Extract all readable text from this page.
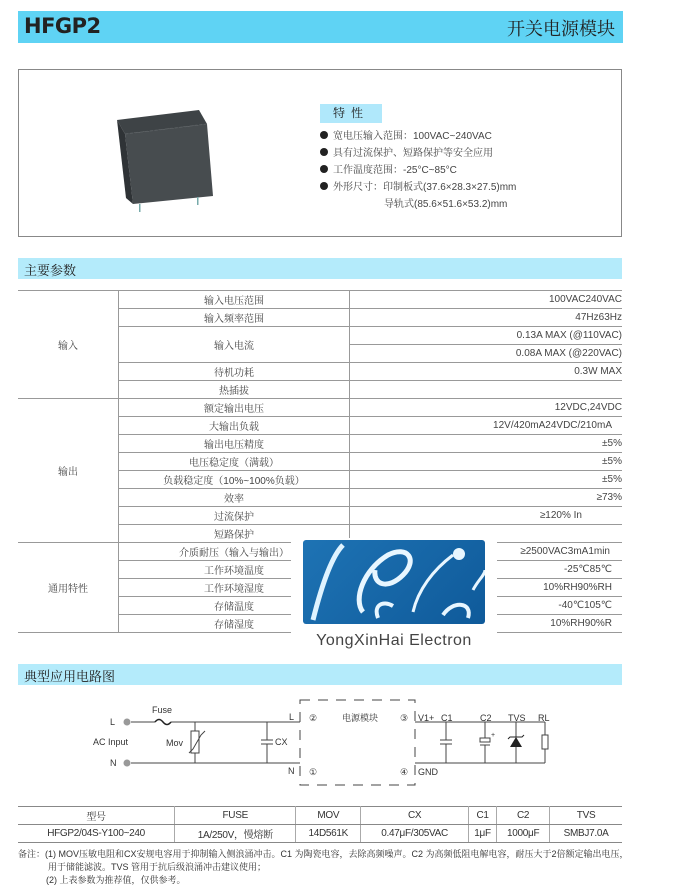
HFGP2	开关电源模块
特性
宽电压输入范围：100VAC~240VAC
具有过流保护、短路保护等安全应用
工作温度范围：-25°C~85°C
外形尺寸：印制板式(37.6×28.3×27.5)mm
导轨式(85.6×51.6×53.2)mm
主要参数
输入	输入电压范围	100VAC240VAC
	输入频率范围	47Hz63Hz
	输入电流	0.13A MAX (@110VAC)
		0.08A MAX (@220VAC)
	待机功耗	0.3W MAX
	热插拔	
输出	额定输出电压	12VDC,24VDC
	大输出负载	12V/420mA24VDC/210mA
	输出电压精度	±5%
	电压稳定度（满载）	±5%
	负载稳定度（10%~100%负载）	±5%
	效率	≥73%
	过流保护	≥120% In
	短路保护	
通用特性	介质耐压（输入与输出）	≥2500VAC3mA1min
	工作环境温度	-25℃85℃
	工作环境湿度	10%RH90%RH
	存储温度	-40℃105℃
	存储湿度	10%RH90%R
YongXinHai Electron
典型应用电路图
L
AC Input
N
Fuse
Mov	CX
L
N
②
①
电源模块 ③
④
V1+
GND
C1	C2
+
TVS RL
型号	FUSE	MOV	CX	C1	C2	TVS
HFGP2/04S-Y100~240	1A/250V，慢熔断	14D561K	0.47μF/305VAC	1μF	1000μF	SMBJ7.0A
备注：(1) MOV压敏电阻和CX安规电容用于抑制输入侧浪涌冲击。C1 为陶瓷电容，去除高频噪声。C2 为高频低阻电解电容，耐压大于2倍额定输出电压，
用于储能滤波。TVS 管用于抗后级浪涌冲击建议使用；
(2) 上表参数为推荐值，仅供参考。
